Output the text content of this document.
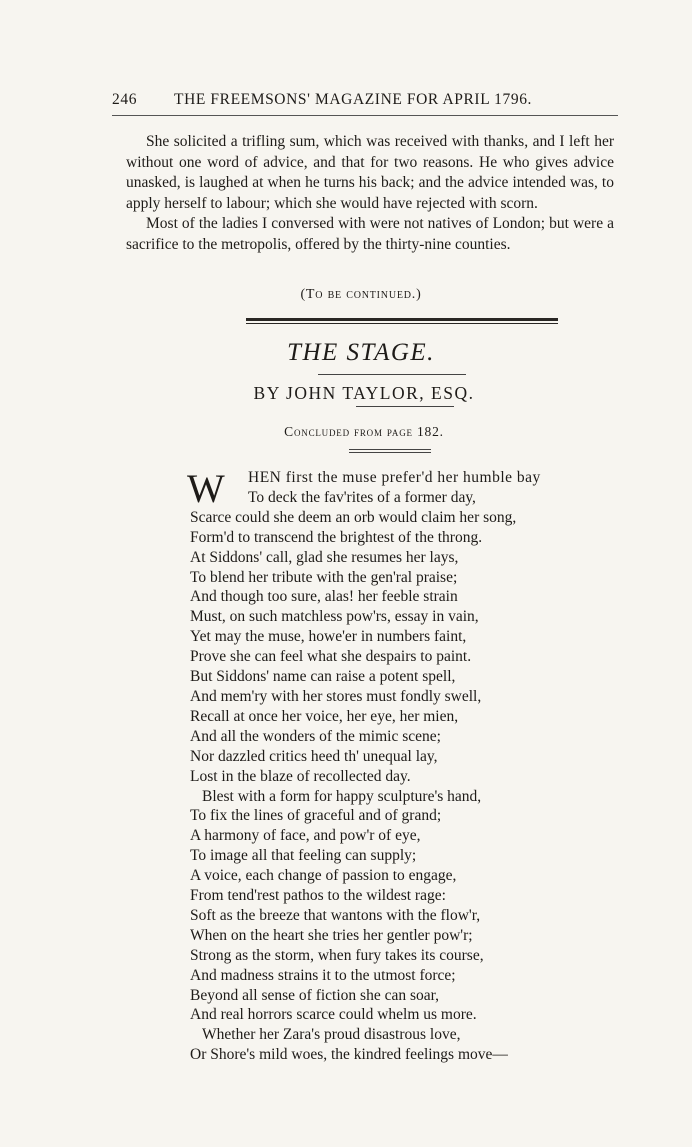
246 THE FREEMSONS' MAGAZINE FOR APRIL 1796.

She solicited a trifling sum, which was received with thanks, and I left her without one word of advice, and that for two reasons. He who gives advice unasked, is laughed at when he turns his back; and the advice intended was, to apply herself to labour; which she would have rejected with scorn.

Most of the ladies I conversed with were not natives of London; but were a sacrifice to the metropolis, offered by the thirty-nine counties.

(To be continued.)
THE STAGE.
BY JOHN TAYLOR, ESQ.
Concluded from page 182.
W	HEN first the muse prefer'd her humble bay
To deck the fav'rites of a former day,
Scarce could she deem an orb would claim her song,
Form'd to transcend the brightest of the throng.
At Siddons' call, glad she resumes her lays,
To blend her tribute with the gen'ral praise;
And though too sure, alas! her feeble strain
Must, on such matchless pow'rs, essay in vain,
Yet may the muse, howe'er in numbers faint,
Prove she can feel what she despairs to paint.
But Siddons' name can raise a potent spell,
And mem'ry with her stores must fondly swell,
Recall at once her voice, her eye, her mien,
And all the wonders of the mimic scene;
Nor dazzled critics heed th' unequal lay,
Lost in the blaze of recollected day.
Blest with a form for happy sculpture's hand,
To fix the lines of graceful and of grand;
A harmony of face, and pow'r of eye,
To image all that feeling can supply;
A voice, each change of passion to engage,
From tend'rest pathos to the wildest rage:
Soft as the breeze that wantons with the flow'r,
When on the heart she tries her gentler pow'r;
Strong as the storm, when fury takes its course,
And madness strains it to the utmost force;
Beyond all sense of fiction she can soar,
And real horrors scarce could whelm us more.
Whether her Zara's proud disastrous love,
Or Shore's mild woes, the kindred feelings move—
